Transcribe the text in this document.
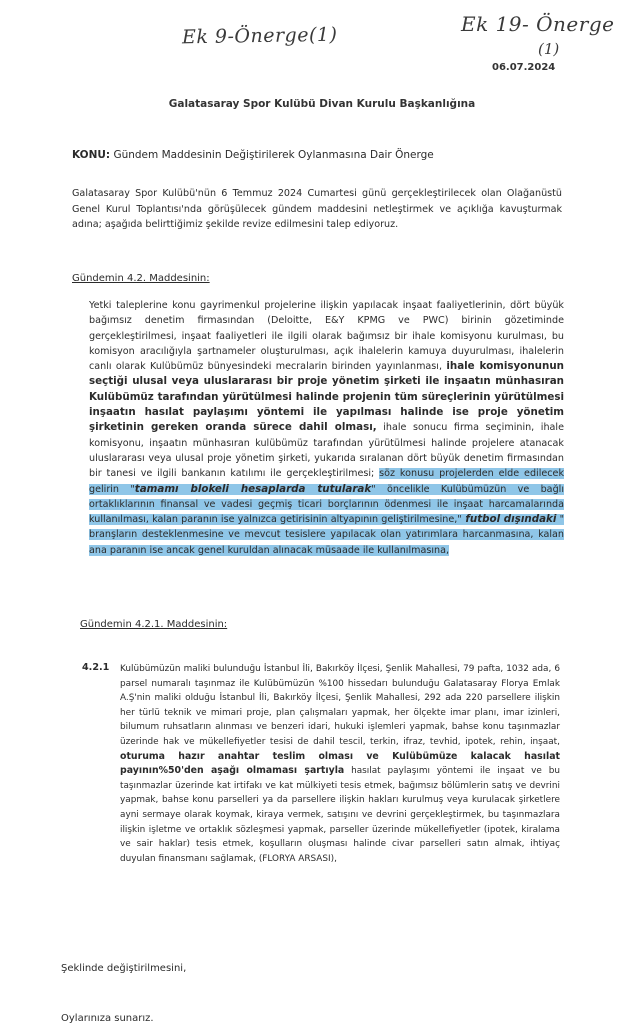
Ek 9-Önerge(1)	Ek 19- Önerge
(1)
06.07.2024
Galatasaray Spor Kulübü Divan Kurulu Başkanlığına
KONU: Gündem Maddesinin Değiştirilerek Oylanmasına Dair Önerge
Galatasaray Spor Kulübü'nün 6 Temmuz 2024 Cumartesi günü gerçekleştirilecek olan Olağanüstü Genel Kurul Toplantısı'nda görüşülecek gündem maddesini netleştirmek ve açıklığa kavuşturmak adına; aşağıda belirttiğimiz şekilde revize edilmesini talep ediyoruz.
Gündemin 4.2. Maddesinin:
Yetki taleplerine konu gayrimenkul projelerine ilişkin yapılacak inşaat faaliyetlerinin, dört büyük bağımsız denetim firmasından (Deloitte, E&Y KPMG ve PWC) birinin gözetiminde gerçekleştirilmesi, inşaat faaliyetleri ile ilgili olarak bağımsız bir ihale komisyonu kurulması, bu komisyon aracılığıyla şartnameler oluşturulması, açık ihalelerin kamuya duyurulması, ihalelerin canlı olarak Kulübümüz bünyesindeki mecralarin birinden yayınlanması, ihale komisyonunun seçtiği ulusal veya uluslararası bir proje yönetim şirketi ile inşaatın münhasıran Kulübümüz tarafından yürütülmesi halinde projenin tüm süreçlerinin yürütülmesi inşaatın hasılat paylaşımı yöntemi ile yapılması halinde ise proje yönetim şirketinin gereken oranda sürece dahil olması, ihale sonucu firma seçiminin, ihale komisyonu, inşaatın münhasıran kulübümüz tarafından yürütülmesi halinde projelere atanacak uluslararası veya ulusal proje yönetim şirketi, yukarıda sıralanan dört büyük denetim firmasından bir tanesi ve ilgili bankanın katılımı ile gerçekleştirilmesi; söz konusu projelerden elde edilecek gelirin "tamamı blokeli hesaplarda tutularak" öncelikle Kulübümüzün ve bağlı ortaklıklarının finansal ve vadesi geçmiş ticari borçlarının ödenmesi ile inşaat harcamalarında kullanılması, kalan paranın ise yalnızca getirisinin altyapının geliştirilmesine," futbol dışındaki " branşların desteklenmesine ve mevcut tesislere yapılacak olan yatırımlara harcanmasına, kalan ana paranın ise ancak genel kuruldan alınacak müsaade ile kullanılmasına,
Gündemin 4.2.1. Maddesinin:
4.2.1 Kulübümüzün maliki bulunduğu İstanbul İli, Bakırköy İlçesi, Şenlik Mahallesi, 79 pafta, 1032 ada, 6 parsel numaralı taşınmaz ile Kulübümüzün %100 hissedarı bulunduğu Galatasaray Florya Emlak A.Ş'nin maliki olduğu İstanbul İli, Bakırköy İlçesi, Şenlik Mahallesi, 292 ada 220 parsellere ilişkin her türlü teknik ve mimari proje, plan çalışmaları yapmak, her ölçekte imar planı, imar izinleri, bilumum ruhsatların alınması ve benzeri idari, hukuki işlemleri yapmak, bahse konu taşınmazlar üzerinde hak ve mükellefiyetler tesisi de dahil tescil, terkin, ifraz, tevhid, ipotek, rehin, inşaat, oturuma hazır anahtar teslim olması ve Kulübümüze kalacak hasılat payının%50'den aşağı olmaması şartıyla hasılat paylaşımı yöntemi ile inşaat ve bu taşınmazlar üzerinde kat irtifakı ve kat mülkiyeti tesis etmek, bağımsız bölümlerin satış ve devrini yapmak, bahse konu parselleri ya da parsellere ilişkin hakları kurulmuş veya kurulacak şirketlere ayni sermaye olarak koymak, kiraya vermek, satışını ve devrini gerçekleştirmek, bu taşınmazlara ilişkin işletme ve ortaklık sözleşmesi yapmak, parseller üzerinde mükellefiyetler (ipotek, kiralama ve sair haklar) tesis etmek, koşulların oluşması halinde civar parselleri satın almak, ihtiyaç duyulan finansmanı sağlamak, (FLORYA ARSASI),
Şeklinde değiştirilmesini,
Oylarınıza sunarız.
